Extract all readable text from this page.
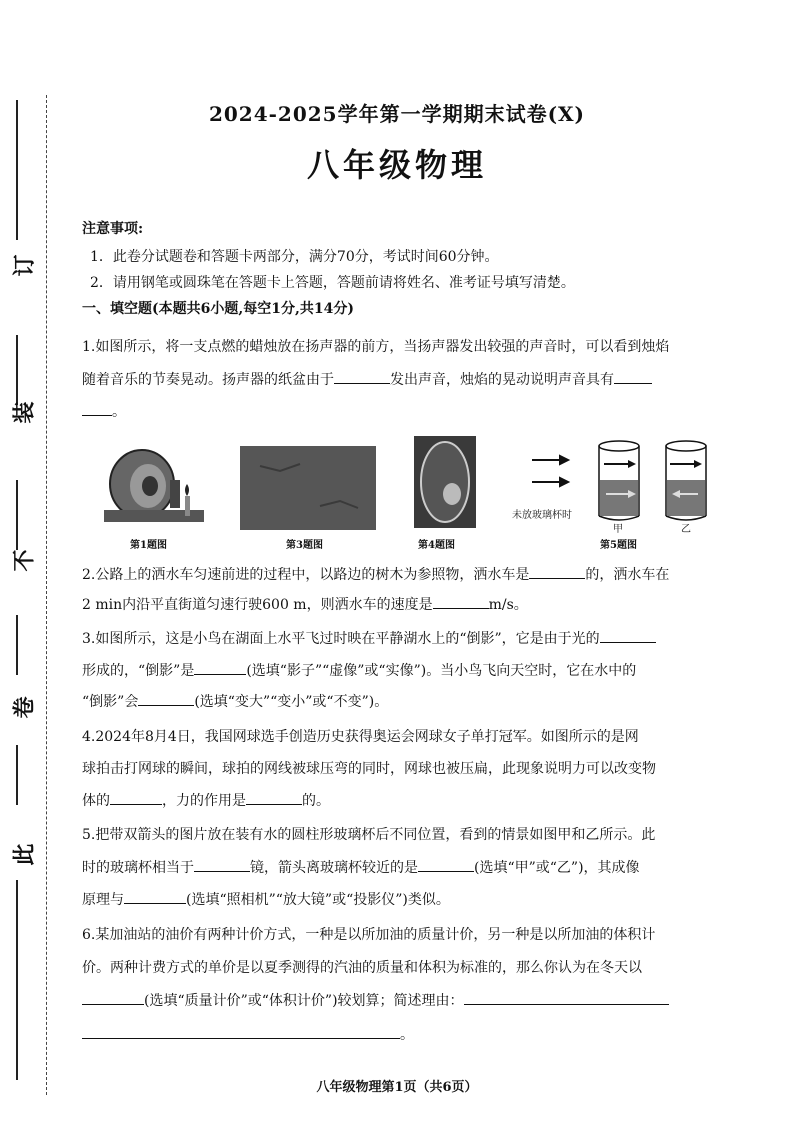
订
装
不
卷
此
2024-2025学年第一学期期末试卷(X)
八年级物理
注意事项:
1．此卷分试题卷和答题卡两部分，满分70分，考试时间60分钟。
2．请用钢笔或圆珠笔在答题卡上答题，答题前请将姓名、准考证号填写清楚。
一、填空题(本题共6小题,每空1分,共14分)
1.如图所示，将一支点燃的蜡烛放在扬声器的前方，当扬声器发出较强的声音时，可以看到烛焰
随着音乐的节奏晃动。扬声器的纸盆由于	发出声音，烛焰的晃动说明声音具有
。
第1题图	第3题图	第4题图
未放玻璃杯时
甲	乙
第5题图
2.公路上的洒水车匀速前进的过程中，以路边的树木为参照物，洒水车是	的，洒水车在
2 min内沿平直街道匀速行驶600 m，则洒水车的速度是	m/s。
3.如图所示，这是小鸟在湖面上水平飞过时映在平静湖水上的“倒影”，它是由于光的
形成的，“倒影”是	(选填“影子”“虚像”或“实像”)。当小鸟飞向天空时，它在水中的
“倒影”会	(选填“变大”“变小”或“不变”)。
4.2024年8月4日，我国网球选手创造历史获得奥运会网球女子单打冠军。如图所示的是网
球拍击打网球的瞬间，球拍的网线被球压弯的同时，网球也被压扁，此现象说明力可以改变物
体的	，力的作用是	的。
5.把带双箭头的图片放在装有水的圆柱形玻璃杯后不同位置，看到的情景如图甲和乙所示。此
时的玻璃杯相当于	镜，箭头离玻璃杯较近的是	(选填“甲”或“乙”)，其成像
原理与	(选填“照相机”“放大镜”或“投影仪”)类似。
6.某加油站的油价有两种计价方式，一种是以所加油的质量计价，另一种是以所加油的体积计
价。两种计费方式的单价是以夏季测得的汽油的质量和体积为标准的，那么你认为在冬天以
(选填“质量计价”或“体积计价”)较划算；简述理由：
。
八年级物理第1页（共6页）
